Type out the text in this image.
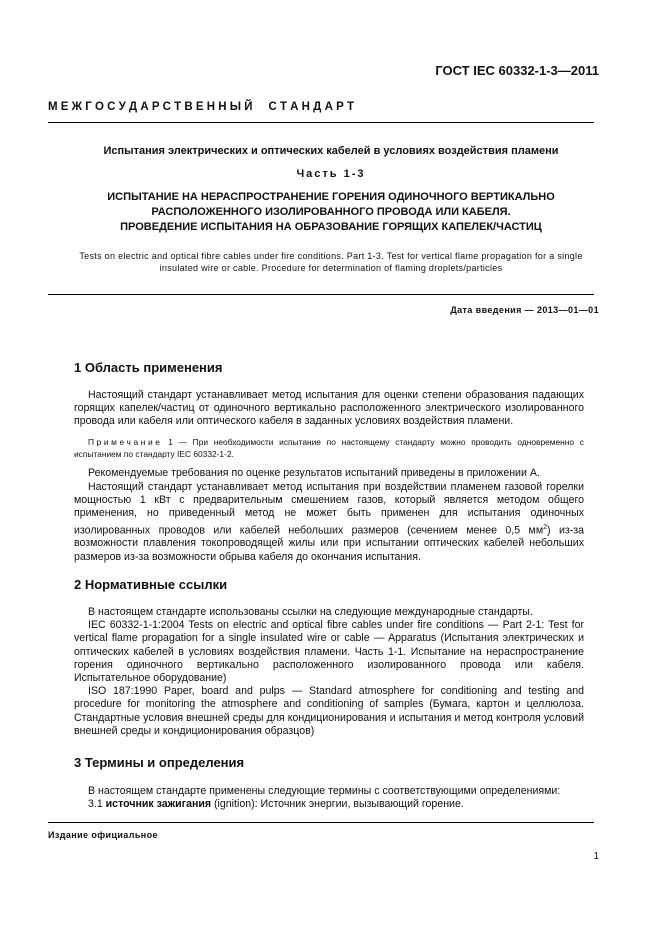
ГОСТ IEC 60332-1-3—2011
М Е Ж Г О С У Д А Р С Т В Е Н Н Ы Й     С Т А Н Д А Р Т
Испытания электрических и оптических кабелей в условиях воздействия пламени
Часть 1-3
ИСПЫТАНИЕ НА НЕРАСПРОСТРАНЕНИЕ ГОРЕНИЯ ОДИНОЧНОГО ВЕРТИКАЛЬНО
РАСПОЛОЖЕННОГО ИЗОЛИРОВАННОГО ПРОВОДА ИЛИ КАБЕЛЯ.
ПРОВЕДЕНИЕ ИСПЫТАНИЯ НА ОБРАЗОВАНИЕ ГОРЯЩИХ КАПЕЛЕК/ЧАСТИЦ
Tests on electric and optical fibre cables under fire conditions. Part 1-3. Test for vertical flame propagation for a single
insulated wire or cable. Procedure for determination of flaming droplets/particles
Дата введения — 2013—01—01
1 Область применения

Настоящий стандарт устанавливает метод испытания для оценки степени образования падающих горящих капелек/частиц от одиночного вертикально расположенного электрического изолированного провода или кабеля или оптического кабеля в заданных условиях воздействия пламени.

Примечание 1 — При необходимости испытание по настоящему стандарту можно проводить одновременно с испытанием по стандарту IEC 60332-1-2.

Рекомендуемые требования по оценке результатов испытаний приведены в приложении А.

Настоящий стандарт устанавливает метод испытания при воздействии пламенем газовой горелки мощностью 1 кВт с предварительным смешением газов, который является методом общего применения, но приведенный метод не может быть применен для испытания одиночных изолированных проводов или кабелей небольших размеров (сечением менее 0,5 $мм^2$) из-за возможности плавления токопроводящей жилы или при испытании оптических кабелей небольших размеров из-за возможности обрыва кабеля до окончания испытания.

2 Нормативные ссылки

В настоящем стандарте использованы ссылки на следующие международные стандарты.

IEC 60332-1-1:2004 Tests on electric and optical fibre cables under fire conditions — Part 2-1: Test for vertical flame propagation for a single insulated wire or cable — Apparatus (Испытания электрических и оптических кабелей в условиях воздействия пламени. Часть 1-1. Испытание на нераспространение горения одиночного вертикально расположенного изолированного провода или кабеля. Испытательное оборудование)

ISO 187:1990 Paper, board and pulps — Standard atmosphere for conditioning and testing and procedure for monitoring the atmosphere and conditioning of samples (Бумага, картон и целлюлоза. Стандартные условия внешней среды для кондиционирования и испытания и метод контроля условий внешней среды и кондиционирования образцов)

3 Термины и определения

В настоящем стандарте применены следующие термины с соответствующими определениями:

3.1 источник зажигания (ignition): Источник энергии, вызывающий горение.

Издание официальное
1
